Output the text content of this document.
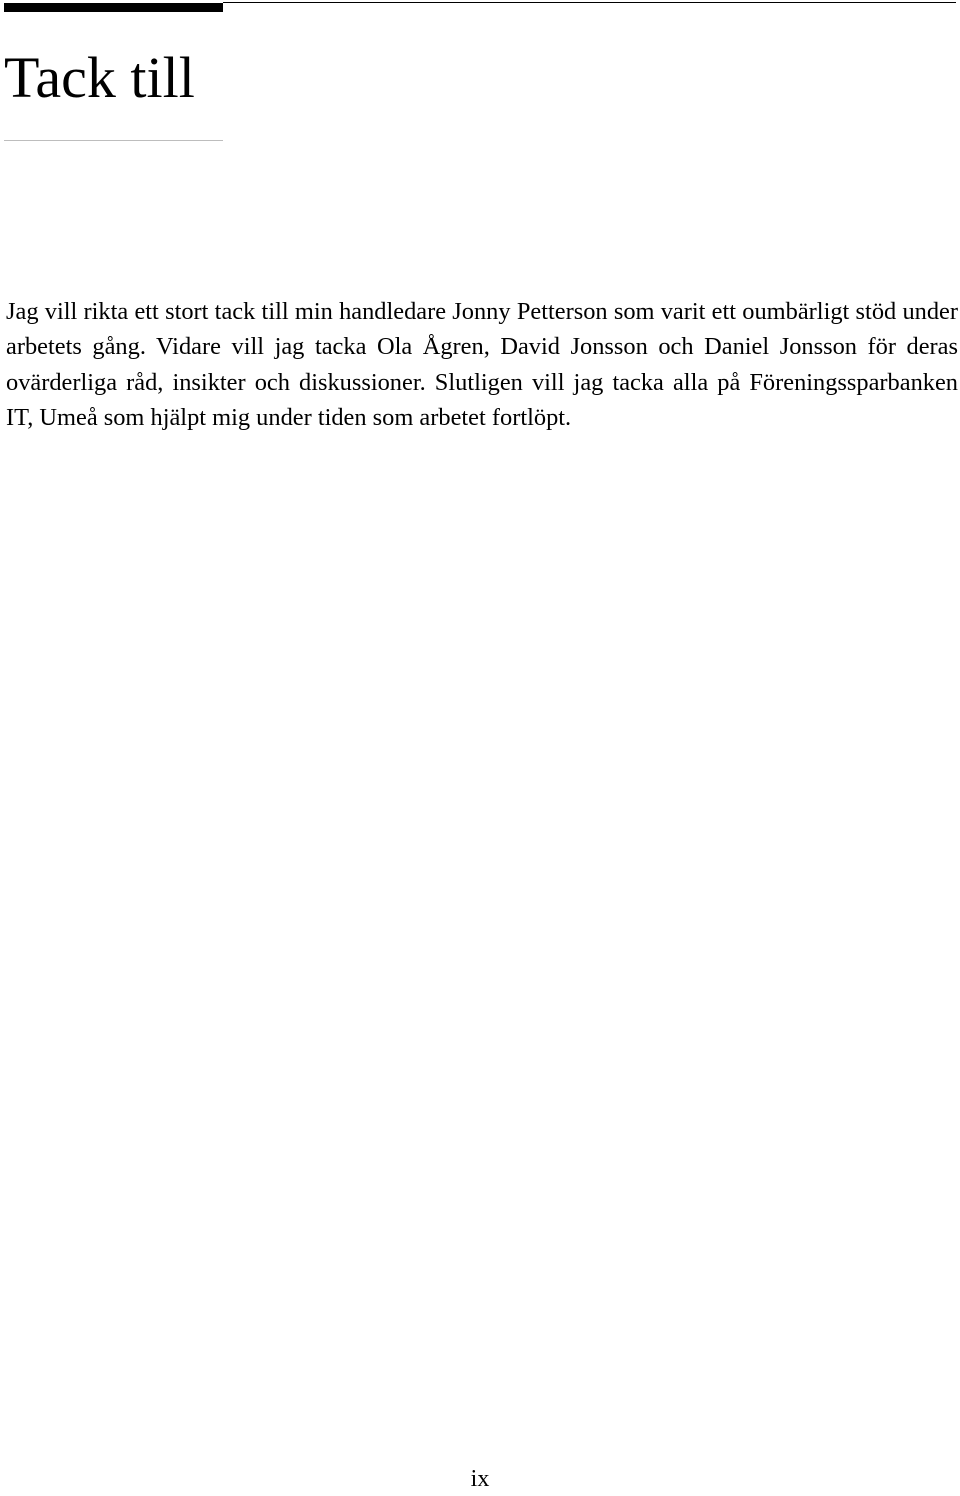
Tack till

Jag vill rikta ett stort tack till min handledare Jonny Petterson som varit ett oumbärligt stöd under arbetets gång. Vidare vill jag tacka Ola Ågren, David Jonsson och Daniel Jonsson för deras ovärderliga råd, insikter och diskussioner. Slutligen vill jag tacka alla på Föreningssparbanken IT, Umeå som hjälpt mig under tiden som arbetet fortlöpt.

ix
